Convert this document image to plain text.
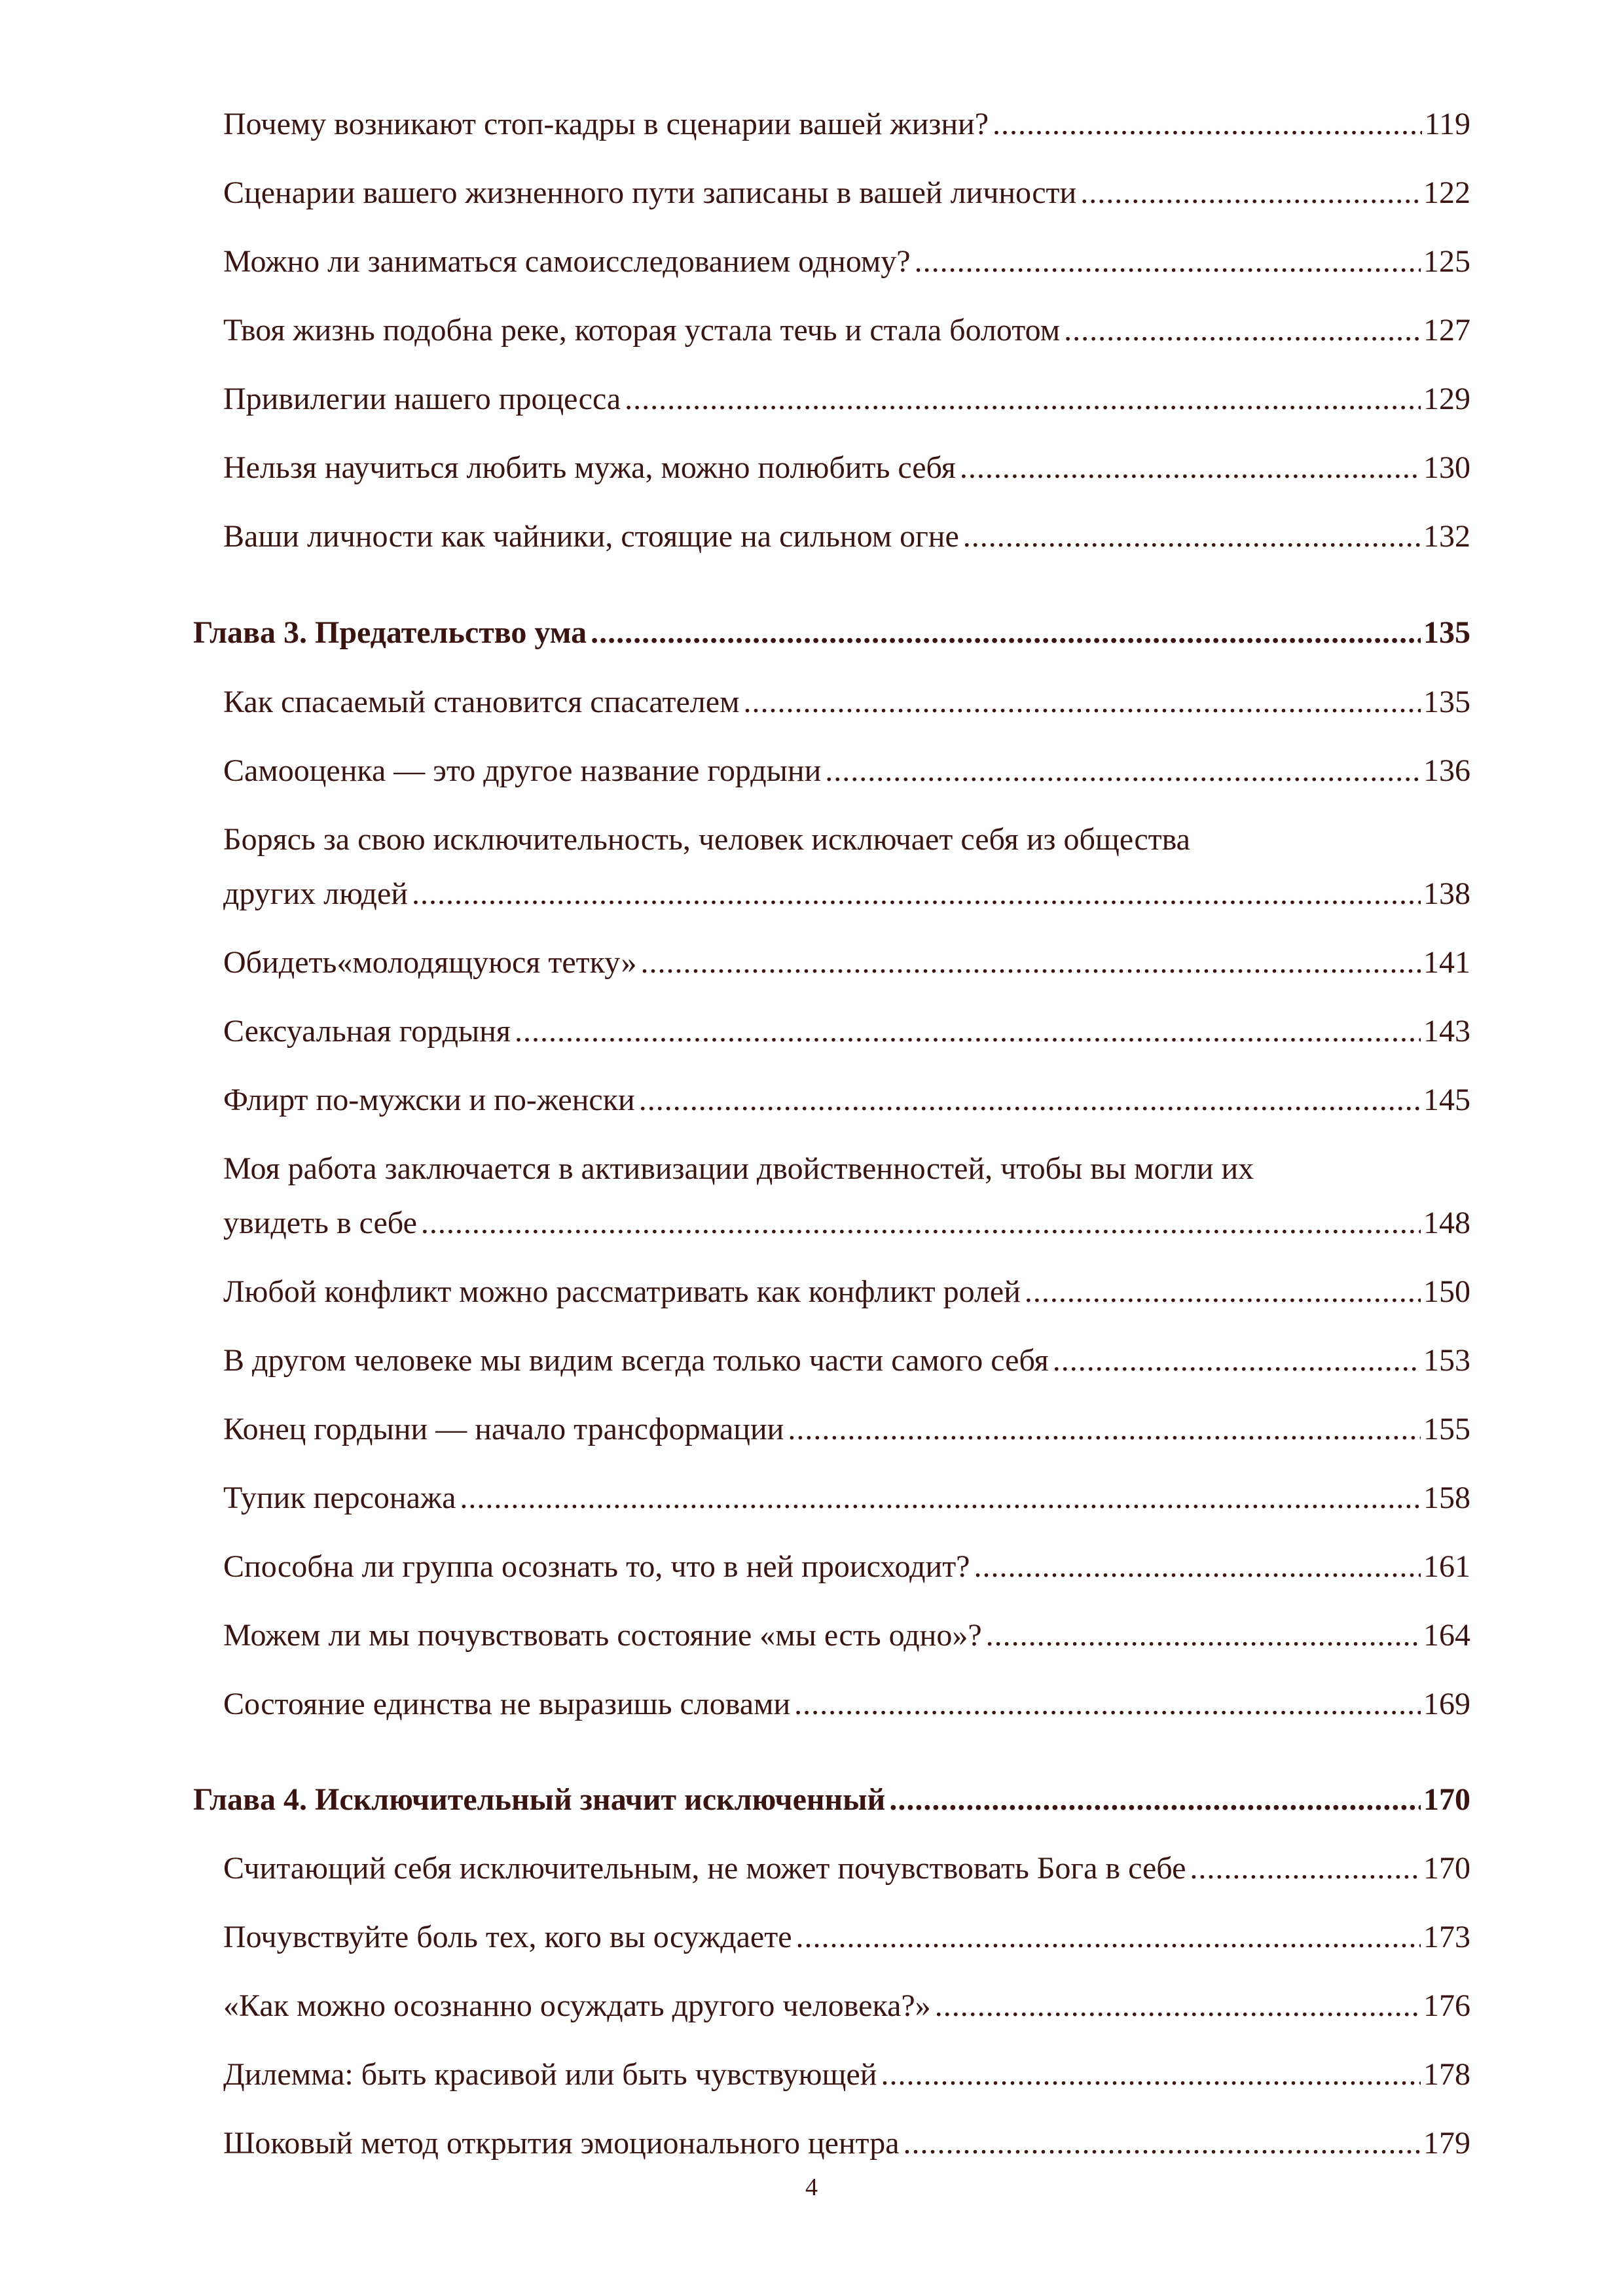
Почему возникают стоп-кадры в сценарии вашей жизни? .....	119
Сценарии вашего жизненного пути записаны в вашей личности .....	122
Можно ли заниматься самоисследованием одному? .....	125
Твоя жизнь подобна реке, которая устала течь и стала болотом .....	127
Привилегии нашего процесса .....	129
Нельзя научиться любить мужа, можно полюбить себя .....	130
Ваши личности как чайники, стоящие на сильном огне .....	132
Глава 3. Предательство ума .....	135
Как спасаемый становится спасателем .....	135
Самооценка — это другое название гордыни .....	136
Борясь за свою исключительность, человек исключает себя из общества
других людей .....	138
Обидеть«молодящуюся тетку» .....	141
Сексуальная гордыня .....	143
Флирт по-мужски и по-женски .....	145
Моя работа заключается в активизации двойственностей, чтобы вы могли их
увидеть в себе .....	148
Любой конфликт можно рассматривать как конфликт ролей .....	150
В другом человеке мы видим всегда только части самого себя .....	153
Конец гордыни — начало трансформации .....	155
Тупик персонажа .....	158
Способна ли группа осознать то, что в ней происходит? .....	161
Можем ли мы почувствовать состояние «мы есть одно»? .....	164
Состояние единства не выразишь словами .....	169
Глава 4. Исключительный значит исключенный .....	170
Считающий себя исключительным, не может почувствовать Бога в себе .....	170
Почувствуйте боль тех, кого вы осуждаете .....	173
«Как можно осознанно осуждать другого человека?» .....	176
Дилемма: быть красивой или быть чувствующей .....	178
Шоковый метод открытия эмоционального центра .....	179
4
